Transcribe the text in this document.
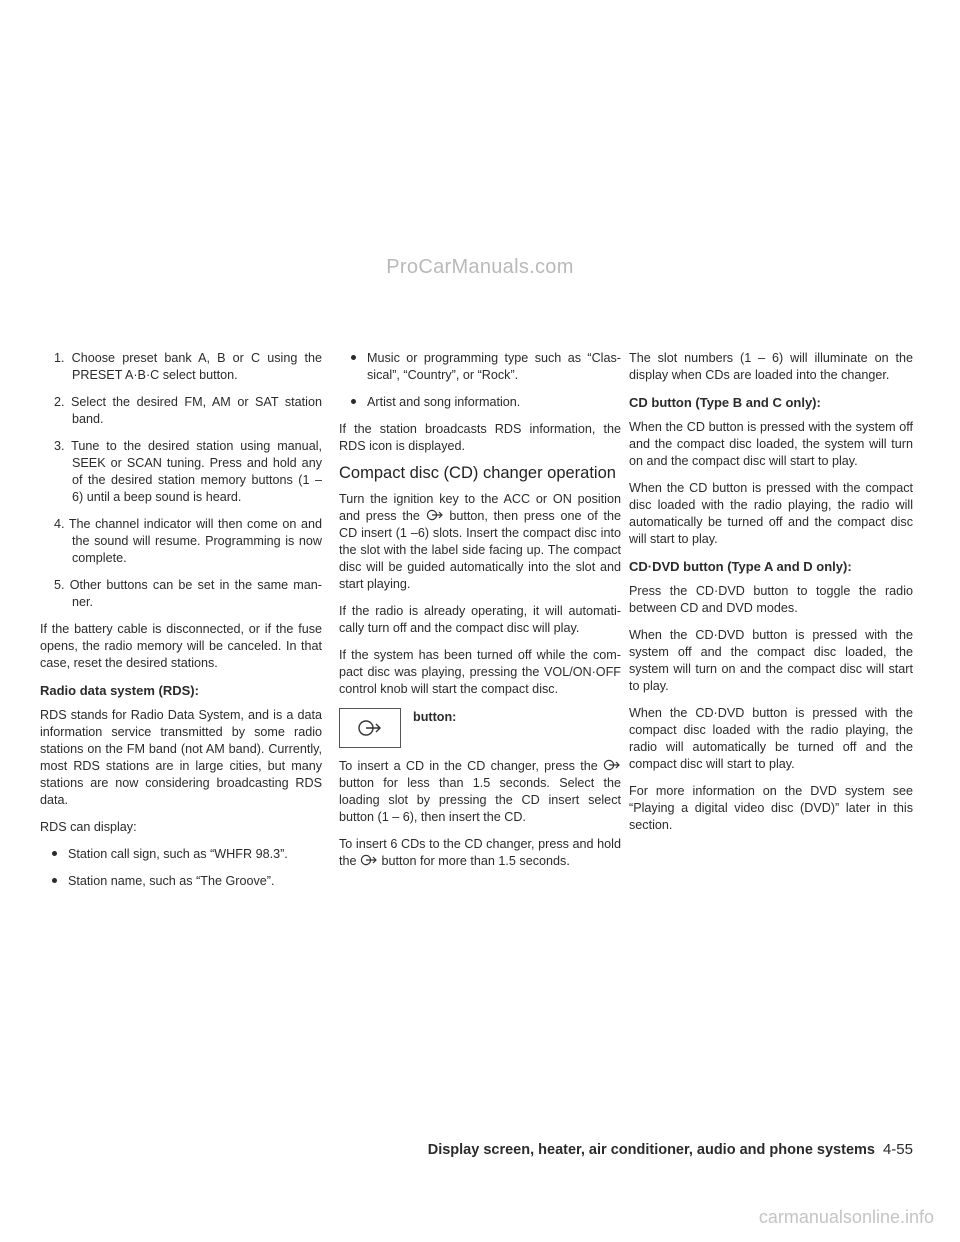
ProCarManuals.com
1. Choose preset bank A, B or C using the PRESET A·B·C select button.
2. Select the desired FM, AM or SAT station band.
3. Tune to the desired station using manual, SEEK or SCAN tuning. Press and hold any of the desired station memory buttons (1 – 6) until a beep sound is heard.
4. The channel indicator will then come on and the sound will resume. Programming is now complete.
5. Other buttons can be set in the same manner.

If the battery cable is disconnected, or if the fuse opens, the radio memory will be canceled. In that case, reset the desired stations.

Radio data system (RDS):

RDS stands for Radio Data System, and is a data information service transmitted by some radio stations on the FM band (not AM band). Currently, most RDS stations are in large cities, but many stations are now considering broadcasting RDS data.

RDS can display:

Station call sign, such as “WHFR 98.3”.
Station name, such as “The Groove”.
Music or programming type such as “Classical”, “Country”, or “Rock”.
Artist and song information.

If the station broadcasts RDS information, the RDS icon is displayed.

Compact disc (CD) changer operation

Turn the ignition key to the ACC or ON position and press the button, then press one of the CD insert (1 –6) slots. Insert the compact disc into the slot with the label side facing up. The compact disc will be guided automatically into the slot and start playing.

If the radio is already operating, it will automatically turn off and the compact disc will play.

If the system has been turned off while the compact disc was playing, pressing the VOL/ON·OFF control knob will start the compact disc.

button:

To insert a CD in the CD changer, press the
button for less than 1.5 seconds. Select the loading slot by pressing the CD insert select button (1 – 6), then insert the CD.

To insert 6 CDs to the CD changer, press and hold the button for more than 1.5 seconds.

The slot numbers (1 – 6) will illuminate on the display when CDs are loaded into the changer.

CD button (Type B and C only):

When the CD button is pressed with the system off and the compact disc loaded, the system will turn on and the compact disc will start to play.

When the CD button is pressed with the compact disc loaded with the radio playing, the radio will automatically be turned off and the compact disc will start to play.

CD·DVD button (Type A and D only):

Press the CD·DVD button to toggle the radio between CD and DVD modes.

When the CD·DVD button is pressed with the system off and the compact disc loaded, the system will turn on and the compact disc will start to play.

When the CD·DVD button is pressed with the compact disc loaded with the radio playing, the radio will automatically be turned off and the compact disc will start to play.

For more information on the DVD system see “Playing a digital video disc (DVD)” later in this section.

Display screen, heater, air conditioner, audio and phone systems 4-55
carmanualsonline.info
